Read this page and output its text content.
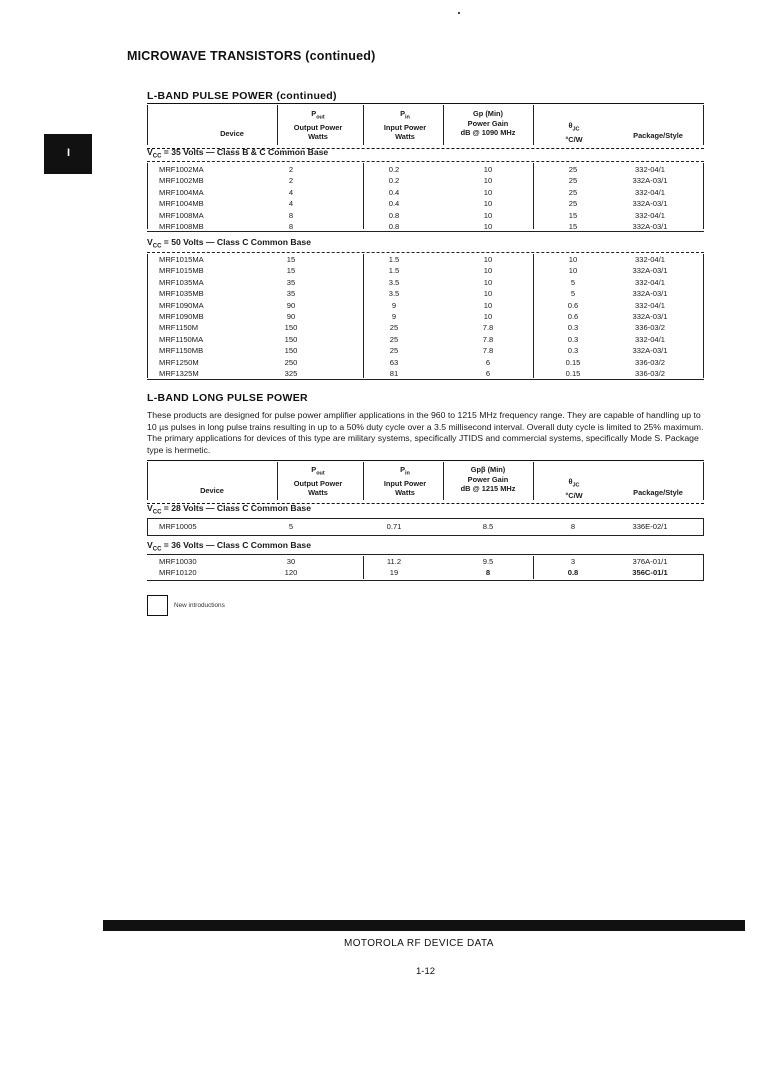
MICROWAVE TRANSISTORS (continued)
I
L-BAND PULSE POWER (continued)
Device
$P_{out}$
Output Power
Watts
$P_{in}$
Input Power
Watts
Gp (Min)
Power Gain
dB @ 1090 MHz
$\theta_{JC}$
°C/W	Package/Style
$V_{CC} = 35$ Volts — Class B & C Common Base
MRF1002MA	2	0.2	10	25	332-04/1
MRF1002MB	2	0.2	10	25	332A-03/1
MRF1004MA	4	0.4	10	25	332-04/1
MRF1004MB	4	0.4	10	25	332A-03/1
MRF1008MA	8	0.8	10	15	332-04/1
MRF1008MB	8	0.8	10	15	332A-03/1
$V_{CC} = 50$ Volts — Class C Common Base
MRF1015MA	15	1.5	10	10	332-04/1
MRF1015MB	15	1.5	10	10	332A-03/1
MRF1035MA	35	3.5	10	5	332-04/1
MRF1035MB	35	3.5	10	5	332A-03/1
MRF1090MA	90	9	10	0.6	332-04/1
MRF1090MB	90	9	10	0.6	332A-03/1
MRF1150M	150	25	7.8	0.3	336-03/2
MRF1150MA	150	25	7.8	0.3	332-04/1
MRF1150MB	150	25	7.8	0.3	332A-03/1
MRF1250M	250	63	6	0.15	336-03/2
MRF1325M	325	81	6	0.15	336-03/2
L-BAND LONG PULSE POWER
These products are designed for pulse power amplifier applications in the 960 to 1215 MHz frequency range. They are capable of handling up to 10 µs pulses in long pulse trains resulting in up to a 50% duty cycle over a 3.5 millisecond interval. Overall duty cycle is limited to 25% maximum. The primary applications for devices of this type are military systems, specifically JTIDS and commercial systems, specifically Mode S. Package type is hermetic.
Device
$P_{out}$
Output Power
Watts
$P_{in}$
Input Power
Watts
Gpβ (Min)
Power Gain
dB @ 1215 MHz
$\theta_{JC}$
°C/W	Package/Style
$V_{CC} = 28$ Volts — Class C Common Base
MRF10005	5	0.71	8.5	8	336E-02/1
$V_{CC} = 36$ Volts — Class C Common Base
MRF10030	30	11.2	9.5	3	376A-01/1
MRF10120	120	19	8	0.8	356C-01/1
New introductions
MOTOROLA RF DEVICE DATA
1-12
